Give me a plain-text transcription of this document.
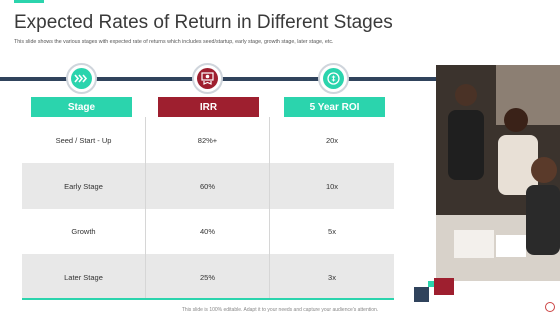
Expected Rates of Return in Different Stages
This slide shows the various stages with expected rate of returns which includes seed/startup, early stage, growth stage, later stage, etc.
Stage	IRR	5 Year ROI
Seed / Start - Up	82%+	20x
Early Stage	60%	10x
Growth	40%	5x
Later Stage	25%	3x
This slide is 100% editable. Adapt it to your needs and capture your audience's attention.
